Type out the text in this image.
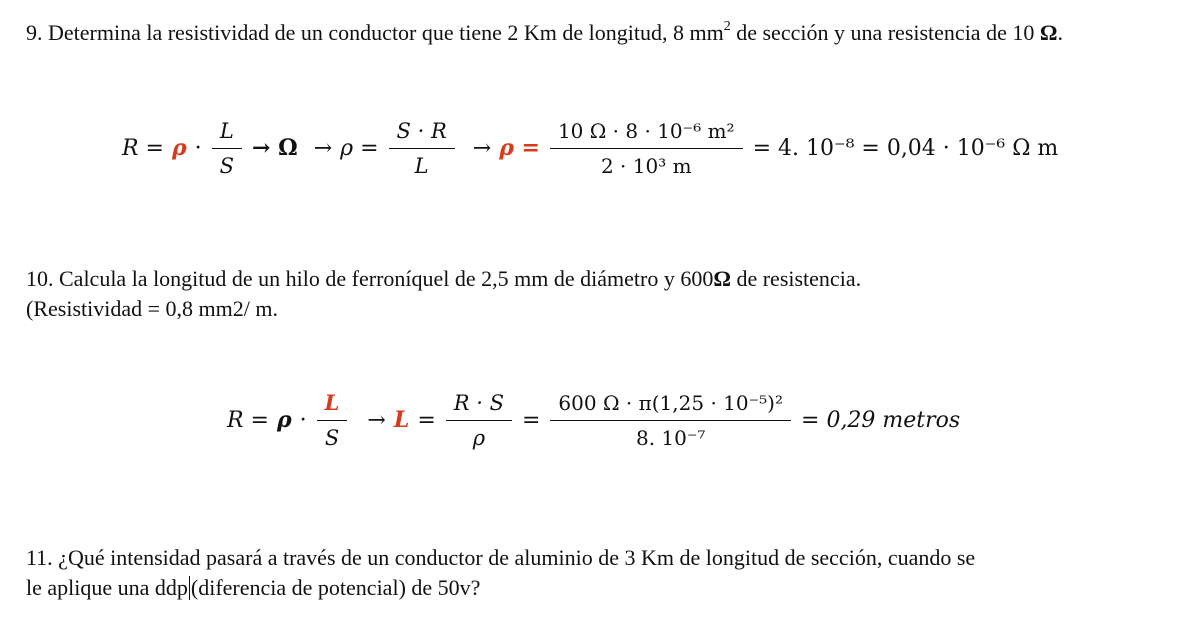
9. Determina la resistividad de un conductor que tiene 2 Km de longitud, 8 $mm^2$ de sección y una resistencia de 10 Ω.

$R = \rho \cdot \frac{L}{S} \to \Omega \to \rho = \frac{S \cdot R}{L} \to \rho = \frac{\text{10 Ω · 8 · 10⁻⁶ m²}}{\text{2 · 10³ m}} = 4$. 10⁻⁸ = 0,04 · 10⁻⁶ Ω m

10. Calcula la longitud de un hilo de ferroníquel de 2,5 mm de diámetro y 600Ω de resistencia.
(Resistividad = 0,8 mm2/ m.

$R = \rho \cdot \frac{L}{S} \to L = \frac{R \cdot S}{\rho} = \frac{\text{600 Ω · π(1,25 · 10⁻⁵)²}}{\text{8. 10⁻⁷}} = 0,29$ metros

11. ¿Qué intensidad pasará a través de un conductor de aluminio de 3 Km de longitud de sección, cuando se
le aplique una ddp (diferencia de potencial) de 50v?
